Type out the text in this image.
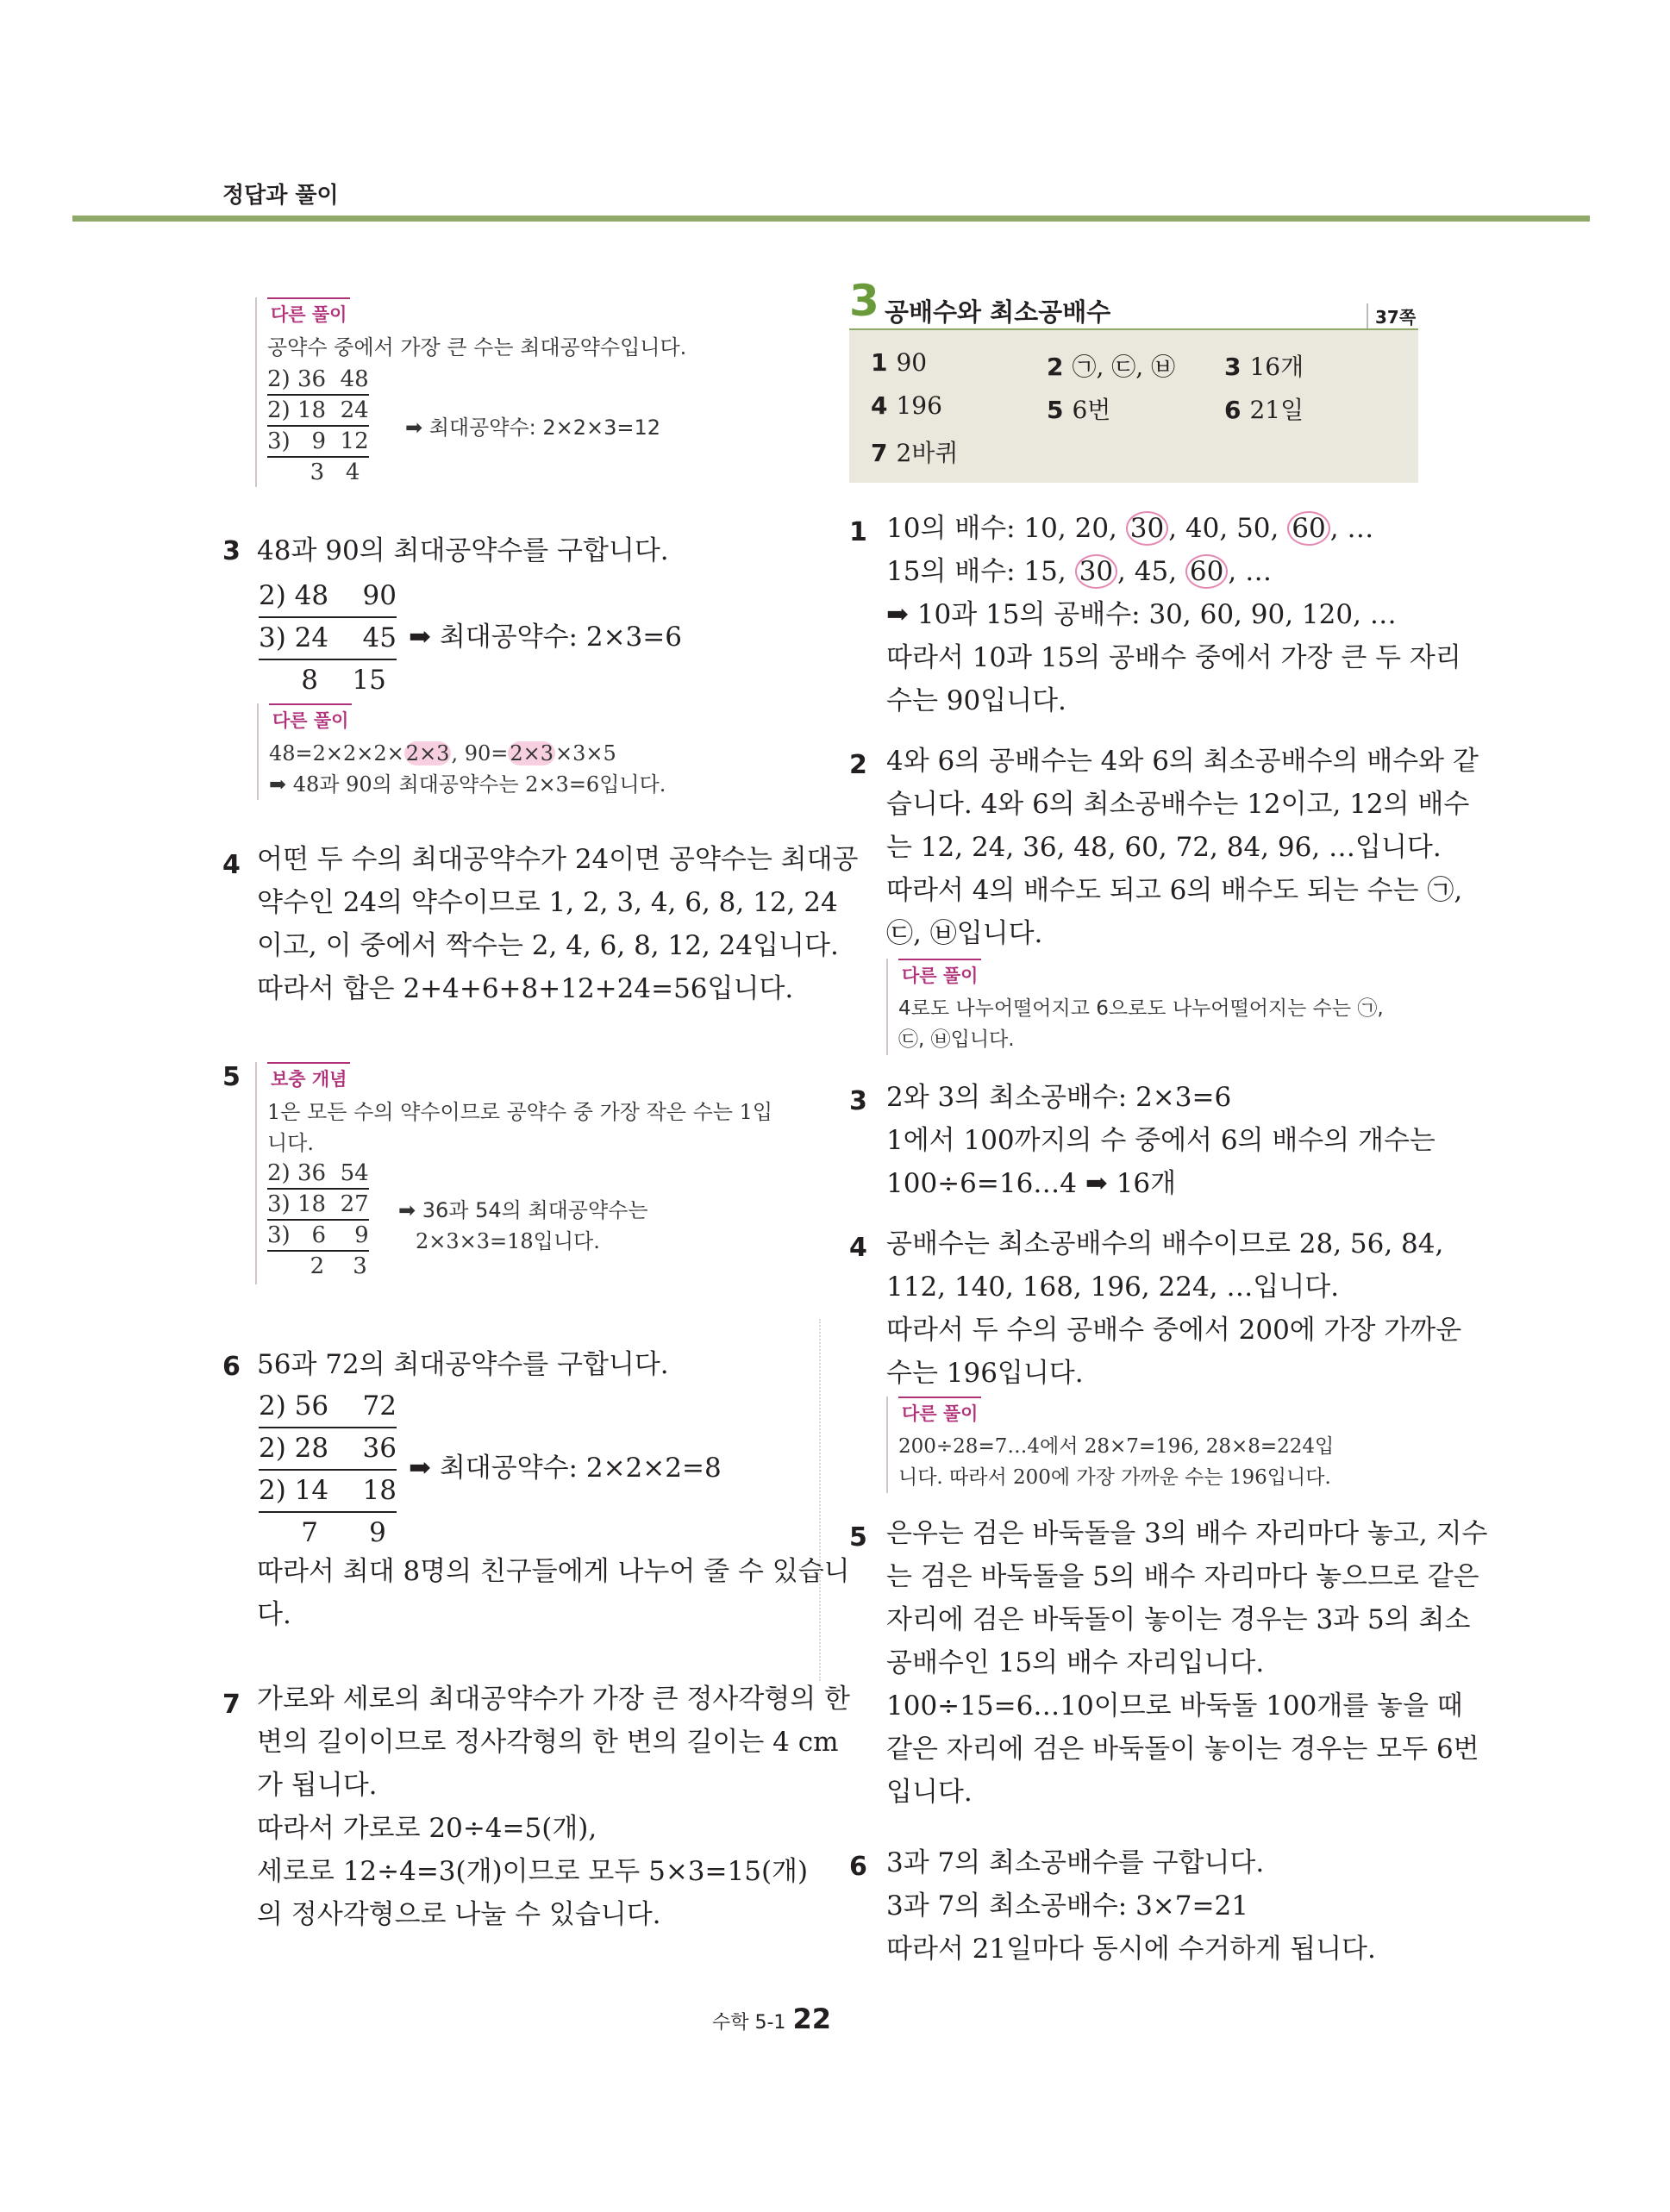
정답과 풀이
다른 풀이
공약수 중에서 가장 큰 수는 최대공약수입니다.
2) 36  48
2) 18  24
3)   9  12
3   4
➡ 최대공약수: 2×2×3=12
3 48과 90의 최대공약수를 구합니다.
2) 48    90
3) 24    45
8    15
➡ 최대공약수: 2×3=6
다른 풀이
48=2×2×2×2×3, 90=2×3×3×5
➡ 48과 90의 최대공약수는 2×3=6입니다.
4 어떤 두 수의 최대공약수가 24이면 공약수는 최대공
약수인 24의 약수이므로 1, 2, 3, 4, 6, 8, 12, 24
이고, 이 중에서 짝수는 2, 4, 6, 8, 12, 24입니다.
따라서 합은 2+4+6+8+12+24=56입니다.
5	보충 개념
1은 모든 수의 약수이므로 공약수 중 가장 작은 수는 1입
니다.
2) 36  54
3) 18  27
3)   6    9
2    3
➡ 36과 54의 최대공약수는
2×3×3=18입니다.
6 56과 72의 최대공약수를 구합니다.
2) 56    72
2) 28    36
2) 14    18
7      9
➡ 최대공약수: 2×2×2=8
따라서 최대 8명의 친구들에게 나누어 줄 수 있습니
다.
7 가로와 세로의 최대공약수가 가장 큰 정사각형의 한
변의 길이이므로 정사각형의 한 변의 길이는 4 cm
가 됩니다.
따라서 가로로 20÷4=5(개),
세로로 12÷4=3(개)이므로 모두 5×3=15(개)
의 정사각형으로 나눌 수 있습니다.
3 공배수와 최소공배수	37쪽
1 90	2 ㉠, ㉢, ㉥ 3 16개
4 196	5 6번	6 21일
7 2바퀴
1 10의 배수: 10, 20, 30 , 40, 50, 60 , …
15의 배수: 15, 30 , 45, 60 , …
➡ 10과 15의 공배수: 30, 60, 90, 120, …
따라서 10과 15의 공배수 중에서 가장 큰 두 자리
수는 90입니다.
2 4와 6의 공배수는 4와 6의 최소공배수의 배수와 같
습니다. 4와 6의 최소공배수는 12이고, 12의 배수
는 12, 24, 36, 48, 60, 72, 84, 96, …입니다.
따라서 4의 배수도 되고 6의 배수도 되는 수는 ㉠,
㉢, ㉥입니다.
다른 풀이
4로도 나누어떨어지고 6으로도 나누어떨어지는 수는 ㉠,
㉢, ㉥입니다.
3 2와 3의 최소공배수: 2×3=6
1에서 100까지의 수 중에서 6의 배수의 개수는
100÷6=16…4 ➡ 16개
4 공배수는 최소공배수의 배수이므로 28, 56, 84,
112, 140, 168, 196, 224, …입니다.
따라서 두 수의 공배수 중에서 200에 가장 가까운
수는 196입니다.
다른 풀이
200÷28=7…4에서 28×7=196, 28×8=224입
니다. 따라서 200에 가장 가까운 수는 196입니다.
5 은우는 검은 바둑돌을 3의 배수 자리마다 놓고, 지수
는 검은 바둑돌을 5의 배수 자리마다 놓으므로 같은
자리에 검은 바둑돌이 놓이는 경우는 3과 5의 최소
공배수인 15의 배수 자리입니다.
100÷15=6…10이므로 바둑돌 100개를 놓을 때
같은 자리에 검은 바둑돌이 놓이는 경우는 모두 6번
입니다.
6 3과 7의 최소공배수를 구합니다.
3과 7의 최소공배수: 3×7=21
따라서 21일마다 동시에 수거하게 됩니다.
수학 5-1 22
